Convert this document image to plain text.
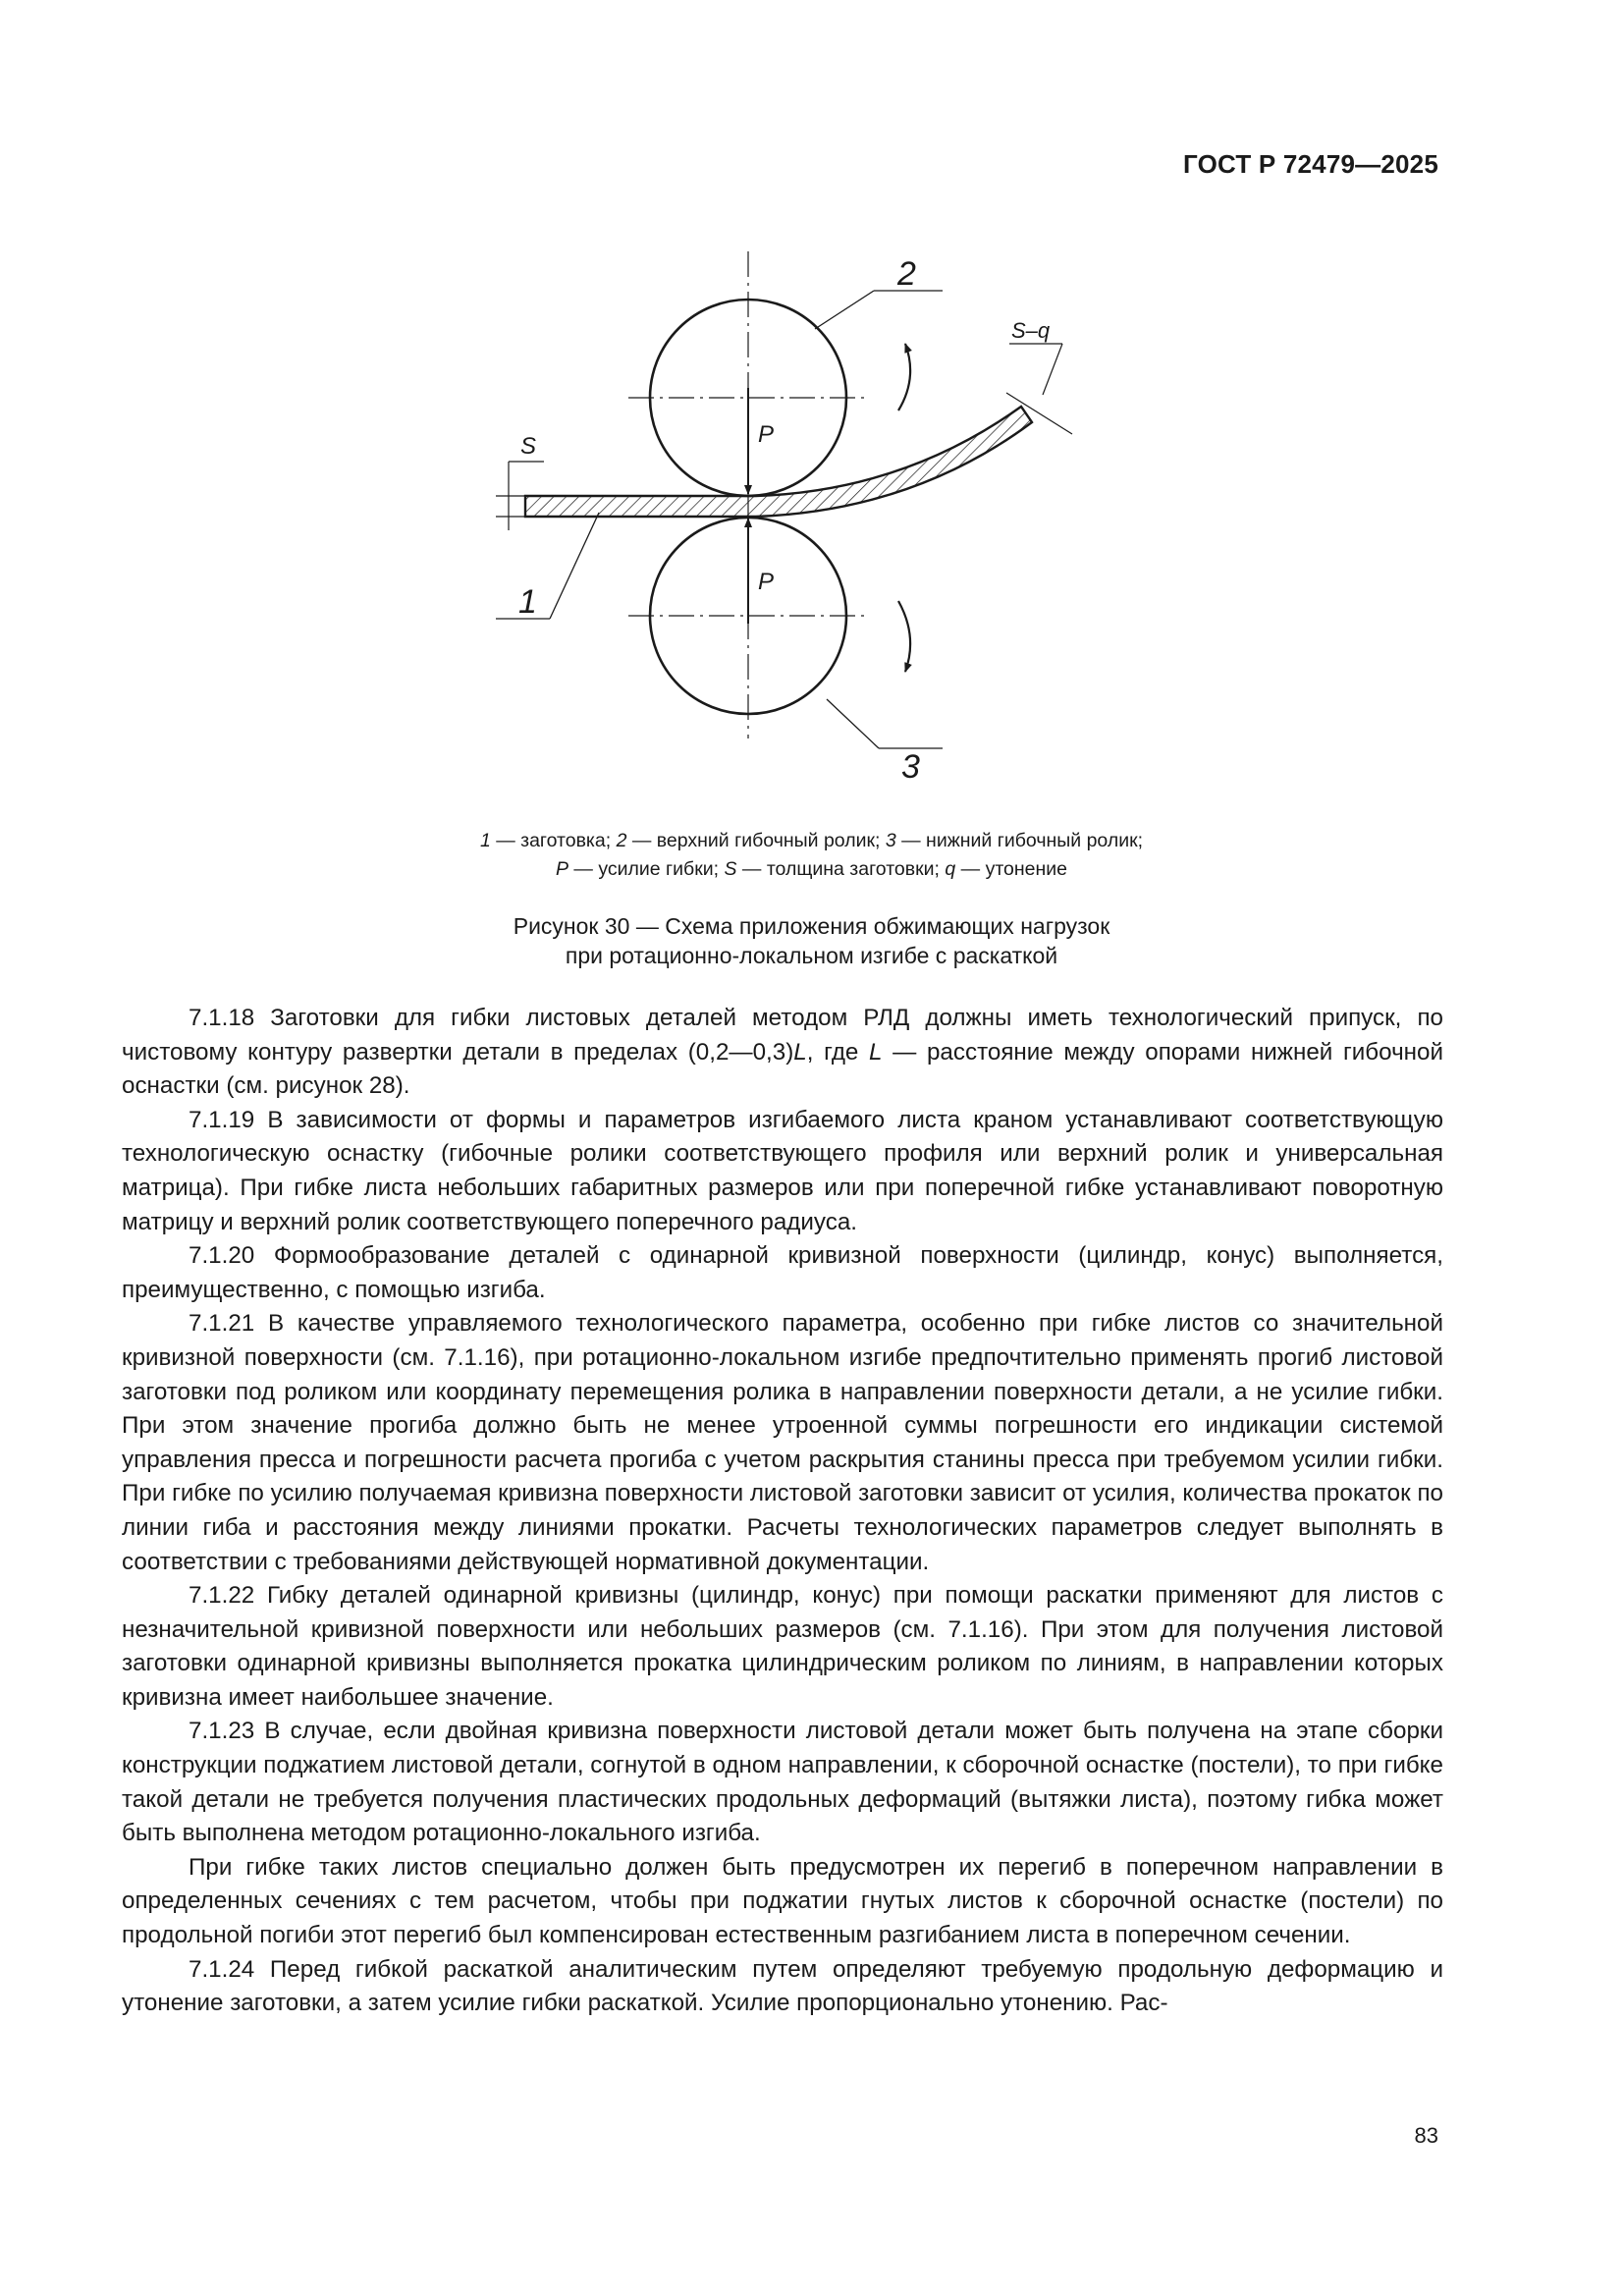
ГОСТ Р 72479—2025
2
1
3
P
P
S
S–q
1 — заготовка; 2 — верхний гибочный ролик; 3 — нижний гибочный ролик;
P — усилие гибки; S — толщина заготовки; q — утонение
Рисунок 30 — Схема приложения обжимающих нагрузок
при ротационно-локальном изгибе с раскаткой

7.1.18 Заготовки для гибки листовых деталей методом РЛД должны иметь технологический припуск, по чистовому контуру развертки детали в пределах (0,2—0,3)L, где L — расстояние между опорами нижней гибочной оснастки (см. рисунок 28).

7.1.19 В зависимости от формы и параметров изгибаемого листа краном устанавливают соответствующую технологическую оснастку (гибочные ролики соответствующего профиля или верхний ролик и универсальная матрица). При гибке листа небольших габаритных размеров или при поперечной гибке устанавливают поворотную матрицу и верхний ролик соответствующего поперечного радиуса.

7.1.20 Формообразование деталей с одинарной кривизной поверхности (цилиндр, конус) выполняется, преимущественно, с помощью изгиба.

7.1.21 В качестве управляемого технологического параметра, особенно при гибке листов со значительной кривизной поверхности (см. 7.1.16), при ротационно-локальном изгибе предпочтительно применять прогиб листовой заготовки под роликом или координату перемещения ролика в направлении поверхности детали, а не усилие гибки. При этом значение прогиба должно быть не менее утроенной суммы погрешности его индикации системой управления пресса и погрешности расчета прогиба с учетом раскрытия станины пресса при требуемом усилии гибки. При гибке по усилию получаемая кривизна поверхности листовой заготовки зависит от усилия, количества прокаток по линии гиба и расстояния между линиями прокатки. Расчеты технологических параметров следует выполнять в соответствии с требованиями действующей нормативной документации.

7.1.22 Гибку деталей одинарной кривизны (цилиндр, конус) при помощи раскатки применяют для листов с незначительной кривизной поверхности или небольших размеров (см. 7.1.16). При этом для получения листовой заготовки одинарной кривизны выполняется прокатка цилиндрическим роликом по линиям, в направлении которых кривизна имеет наибольшее значение.

7.1.23 В случае, если двойная кривизна поверхности листовой детали может быть получена на этапе сборки конструкции поджатием листовой детали, согнутой в одном направлении, к сборочной оснастке (постели), то при гибке такой детали не требуется получения пластических продольных деформаций (вытяжки листа), поэтому гибка может быть выполнена методом ротационно-локального изгиба.

При гибке таких листов специально должен быть предусмотрен их перегиб в поперечном направлении в определенных сечениях с тем расчетом, чтобы при поджатии гнутых листов к сборочной оснастке (постели) по продольной погиби этот перегиб был компенсирован естественным разгибанием листа в поперечном сечении.

7.1.24 Перед гибкой раскаткой аналитическим путем определяют требуемую продольную деформацию и утонение заготовки, а затем усилие гибки раскаткой. Усилие пропорционально утонению. Рас-

83
